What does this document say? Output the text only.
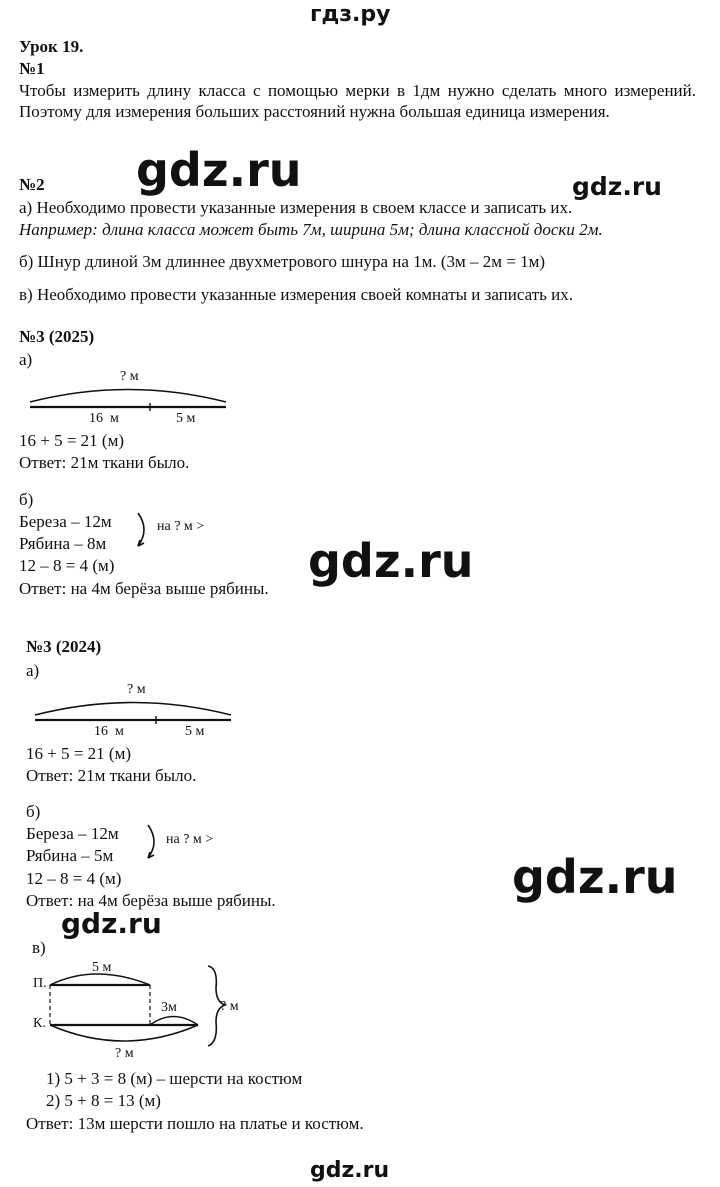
гдз.ру
Урок 19.
№1
Чтобы измерить длину класса с помощью мерки в 1дм нужно сделать много измерений. Поэтому для измерения больших расстояний нужна большая единица измерения.
gdz.ru	gdz.ru
gdz.ru
gdz.ru
gdz.ru
№2
а) Необходимо провести указанные измерения в своем классе и записать их.
Например: длина класса может быть 7м, ширина 5м; длина классной доски 2м.
б) Шнур длиной 3м длиннее двухметрового шнура на 1м. (3м – 2м = 1м)
в) Необходимо провести указанные измерения своей комнаты и записать их.
№3 (2025)
а)
? м
16  м	5 м
16 + 5 = 21 (м)
Ответ: 21м ткани было.
б)
Береза – 12м
Рябина – 8м
на ? м >
12 – 8 = 4 (м)
Ответ: на 4м берёза выше рябины.
№3 (2024)
а)
? м
16  м	5 м
16 + 5 = 21 (м)
Ответ: 21м ткани было.
б)
Береза – 12м
Рябина – 5м
на ? м >
12 – 8 = 4 (м)
Ответ: на 4м берёза выше рябины.
в)
П.
К.
5 м
3м
? м
? м
1) 5 + 3 = 8 (м) – шерсти на костюм
2) 5 + 8 = 13 (м)
Ответ: 13м шерсти пошло на платье и костюм.
gdz.ru
